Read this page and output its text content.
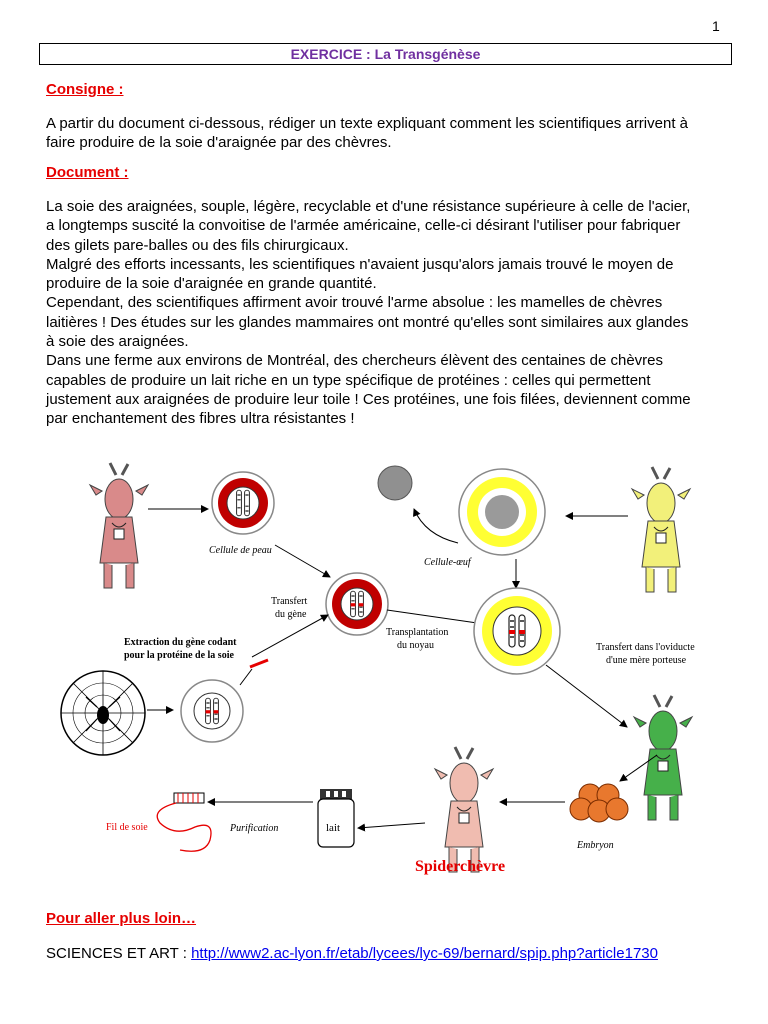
1
EXERCICE : La Transgénèse
Consigne :

A partir du document ci-dessous, rédiger un texte expliquant comment les scientifiques arrivent à

faire produire de la soie d'araignée par des chèvres.

Document :

La soie des araignées, souple, légère, recyclable et d'une résistance supérieure à celle de l'acier,

a longtemps suscité la convoitise de l'armée américaine, celle-ci désirant l'utiliser pour fabriquer

des gilets pare-balles ou des fils chirurgicaux.

Malgré des efforts incessants, les scientifiques n'avaient jusqu'alors jamais trouvé le moyen de

produire de la soie d'araignée en grande quantité.

Cependant, des scientifiques affirment avoir trouvé l'arme absolue : les mamelles de chèvres

laitières ! Des études sur les glandes mammaires ont montré qu'elles sont similaires aux glandes

à soie des araignées.

Dans une ferme aux environs de Montréal, des chercheurs élèvent des centaines de chèvres

capables de produire un lait riche en un type spécifique de protéines : celles qui permettent

justement aux araignées de produire leur toile ! Ces protéines, une fois filées, deviennent comme

par enchantement des fibres ultra résistantes !

Cellule de peau
Cellule-œuf
Transfert
du gène
Transplantation
du noyau	Transfert dans l'oviducte
d'une mère porteuse
Extraction du gène codant
pour la protéine de la soie
Embryon
Spiderchèvre
lait
Purification
Fil de soie
Pour aller plus loin…
SCIENCES ET ART : http://www2.ac-lyon.fr/etab/lycees/lyc-69/bernard/spip.php?article1730
